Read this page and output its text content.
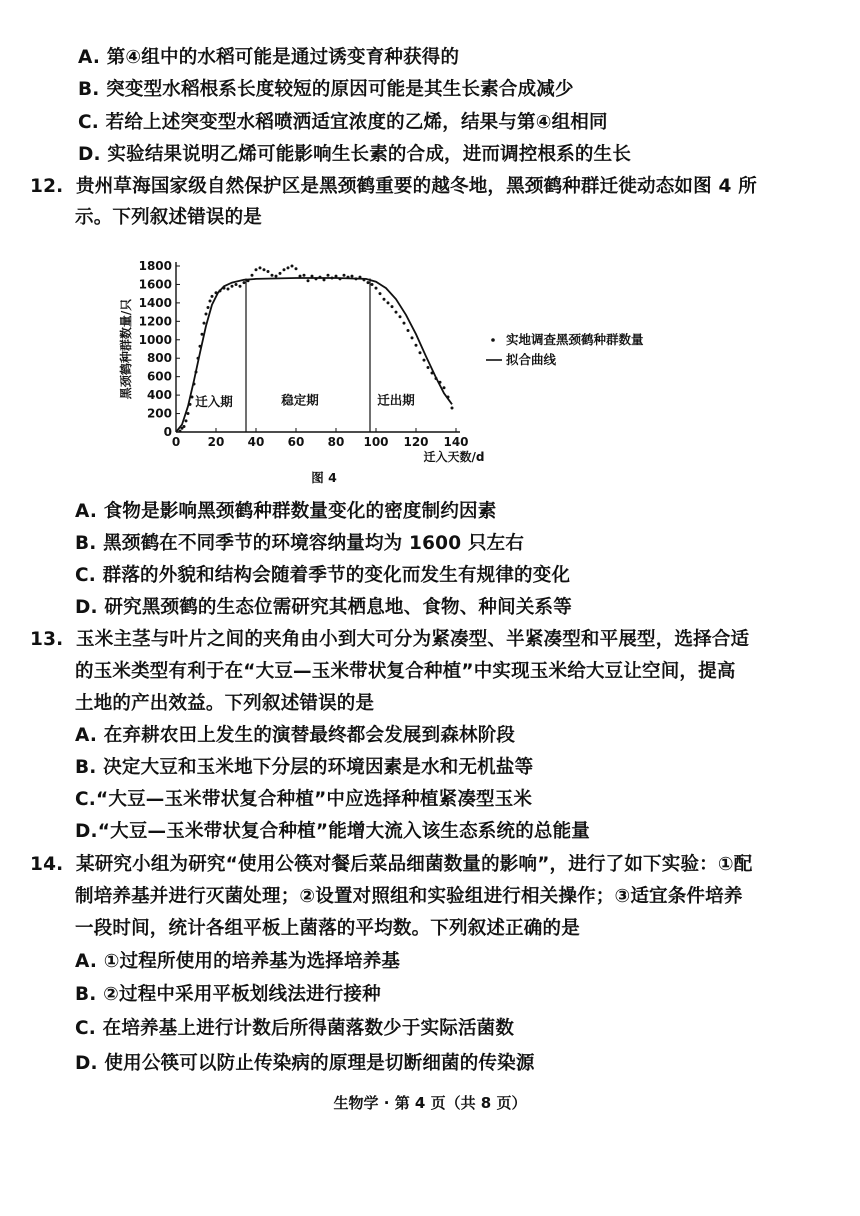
A. 第④组中的水稻可能是通过诱变育种获得的
B. 突变型水稻根系长度较短的原因可能是其生长素合成减少
C. 若给上述突变型水稻喷洒适宜浓度的乙烯，结果与第④组相同
D. 实验结果说明乙烯可能影响生长素的合成，进而调控根系的生长
12. 贵州草海国家级自然保护区是黑颈鹤重要的越冬地，黑颈鹤种群迁徙动态如图 4 所
示。下列叙述错误的是
0 20 40 60 80 100 120 140
0
200
400
600
800
1000
1200
1400
1600
1800
迁入天数/d
黑颈鹤种群数量/只
图 4
迁入期	稳定期	迁出期
实地调查黑颈鹤种群数量
拟合曲线
A. 食物是影响黑颈鹤种群数量变化的密度制约因素
B. 黑颈鹤在不同季节的环境容纳量均为 1600 只左右
C. 群落的外貌和结构会随着季节的变化而发生有规律的变化
D. 研究黑颈鹤的生态位需研究其栖息地、食物、种间关系等
13. 玉米主茎与叶片之间的夹角由小到大可分为紧凑型、半紧凑型和平展型，选择合适
的玉米类型有利于在“大豆—玉米带状复合种植”中实现玉米给大豆让空间，提高
土地的产出效益。下列叙述错误的是
A. 在弃耕农田上发生的演替最终都会发展到森林阶段
B. 决定大豆和玉米地下分层的环境因素是水和无机盐等
C.“大豆—玉米带状复合种植”中应选择种植紧凑型玉米
D.“大豆—玉米带状复合种植”能增大流入该生态系统的总能量
14. 某研究小组为研究“使用公筷对餐后菜品细菌数量的影响”，进行了如下实验：①配
制培养基并进行灭菌处理；②设置对照组和实验组进行相关操作；③适宜条件培养
一段时间，统计各组平板上菌落的平均数。下列叙述正确的是
A. ①过程所使用的培养基为选择培养基
B. ②过程中采用平板划线法进行接种
C. 在培养基上进行计数后所得菌落数少于实际活菌数
D. 使用公筷可以防止传染病的原理是切断细菌的传染源
生物学 · 第 4 页（共 8 页）
